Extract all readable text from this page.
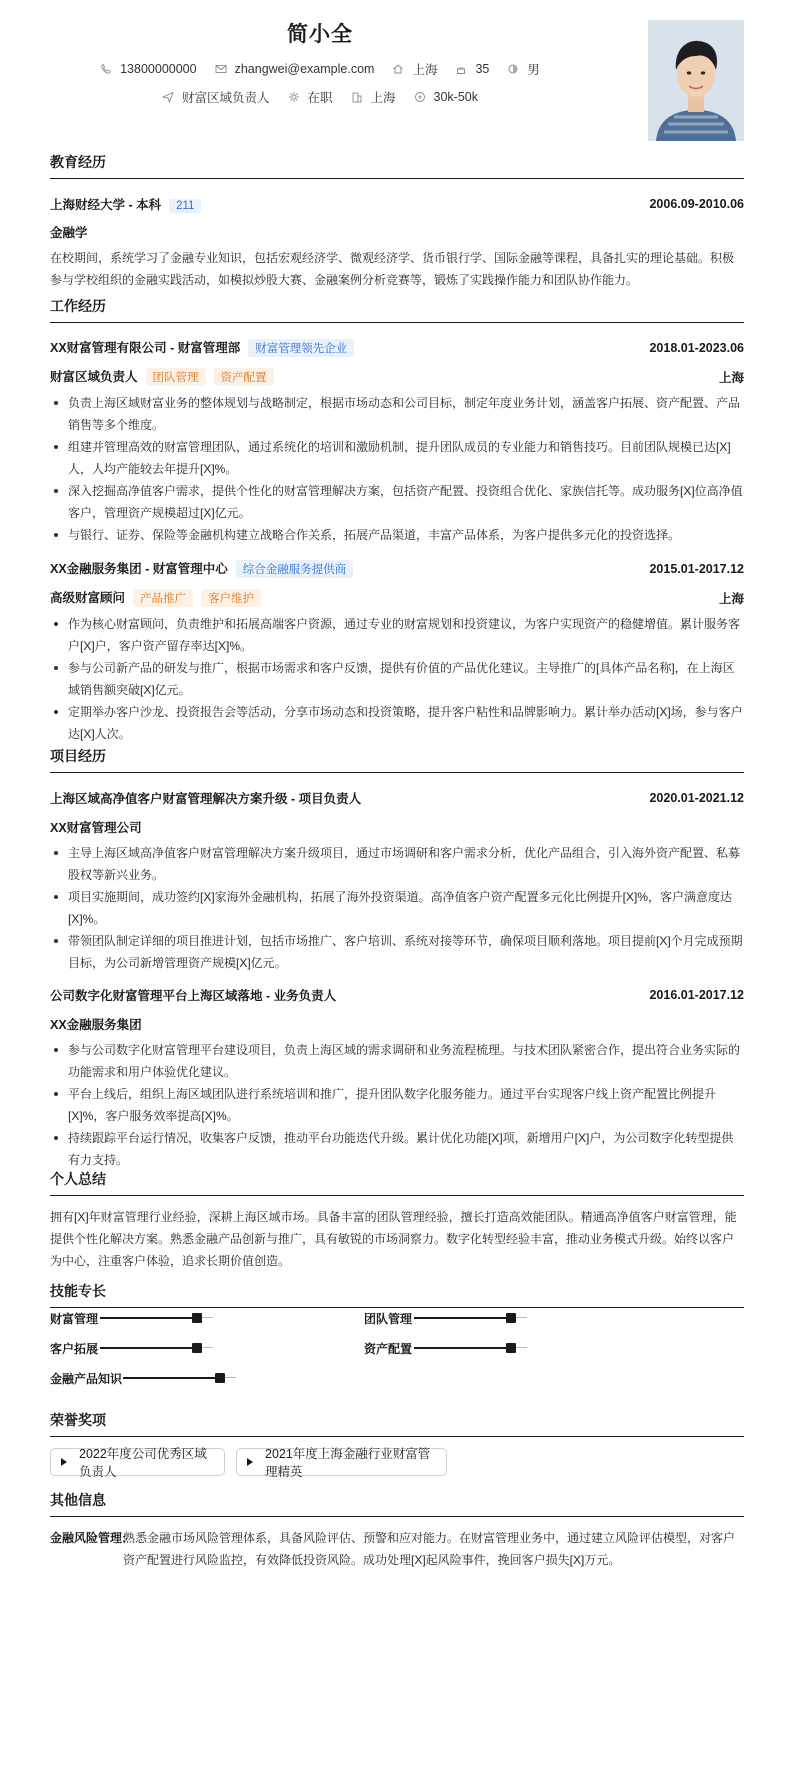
简小全
13800000000	zhangwei@example.com	上海	35	男
财富区域负责人	在职	上海	30k-50k
教育经历
上海财经大学 - 本科 211	2006.09-2010.06
金融学
在校期间，系统学习了金融专业知识，包括宏观经济学、微观经济学、货币银行学、国际金融等课程，具备扎实的理论基础。积极参与学校组织的金融实践活动，如模拟炒股大赛、金融案例分析竞赛等，锻炼了实践操作能力和团队协作能力。
工作经历
XX财富管理有限公司 - 财富管理部 财富管理领先企业	2018.01-2023.06
财富区域负责人 团队管理 资产配置	上海
负责上海区域财富业务的整体规划与战略制定，根据市场动态和公司目标，制定年度业务计划，涵盖客户拓展、资产配置、产品销售等多个维度。
组建并管理高效的财富管理团队，通过系统化的培训和激励机制，提升团队成员的专业能力和销售技巧。目前团队规模已达[X]人，人均产能较去年提升[X]%。
深入挖掘高净值客户需求，提供个性化的财富管理解决方案，包括资产配置、投资组合优化、家族信托等。成功服务[X]位高净值客户，管理资产规模超过[X]亿元。
与银行、证券、保险等金融机构建立战略合作关系，拓展产品渠道，丰富产品体系，为客户提供多元化的投资选择。
XX金融服务集团 - 财富管理中心 综合金融服务提供商	2015.01-2017.12
高级财富顾问 产品推广 客户维护	上海
作为核心财富顾问，负责维护和拓展高端客户资源，通过专业的财富规划和投资建议，为客户实现资产的稳健增值。累计服务客户[X]户，客户资产留存率达[X]%。
参与公司新产品的研发与推广，根据市场需求和客户反馈，提供有价值的产品优化建议。主导推广的[具体产品名称]，在上海区域销售额突破[X]亿元。
定期举办客户沙龙、投资报告会等活动，分享市场动态和投资策略，提升客户粘性和品牌影响力。累计举办活动[X]场，参与客户达[X]人次。
项目经历
上海区域高净值客户财富管理解决方案升级 - 项目负责人	2020.01-2021.12
XX财富管理公司
主导上海区域高净值客户财富管理解决方案升级项目，通过市场调研和客户需求分析，优化产品组合，引入海外资产配置、私募股权等新兴业务。
项目实施期间，成功签约[X]家海外金融机构，拓展了海外投资渠道。高净值客户资产配置多元化比例提升[X]%，客户满意度达[X]%。
带领团队制定详细的项目推进计划，包括市场推广、客户培训、系统对接等环节，确保项目顺利落地。项目提前[X]个月完成预期目标，为公司新增管理资产规模[X]亿元。
公司数字化财富管理平台上海区域落地 - 业务负责人	2016.01-2017.12
XX金融服务集团
参与公司数字化财富管理平台建设项目，负责上海区域的需求调研和业务流程梳理。与技术团队紧密合作，提出符合业务实际的功能需求和用户体验优化建议。
平台上线后，组织上海区域团队进行系统培训和推广，提升团队数字化服务能力。通过平台实现客户线上资产配置比例提升[X]%，客户服务效率提高[X]%。
持续跟踪平台运行情况，收集客户反馈，推动平台功能迭代升级。累计优化功能[X]项，新增用户[X]户，为公司数字化转型提供有力支持。
个人总结
拥有[X]年财富管理行业经验，深耕上海区域市场。具备丰富的团队管理经验，擅长打造高效能团队。精通高净值客户财富管理，能提供个性化解决方案。熟悉金融产品创新与推广，具有敏锐的市场洞察力。数字化转型经验丰富，推动业务模式升级。始终以客户为中心，注重客户体验，追求长期价值创造。
技能专长
财富管理	团队管理
客户拓展	资产配置
金融产品知识
荣誉奖项
2022年度公司优秀区域负责人
2021年度上海金融行业财富管理精英
其他信息
金融风险管理:
熟悉金融市场风险管理体系，具备风险评估、预警和应对能力。在财富管理业务中，通过建立风险评估模型，对客户资产配置进行风险监控，有效降低投资风险。成功处理[X]起风险事件，挽回客户损失[X]万元。
